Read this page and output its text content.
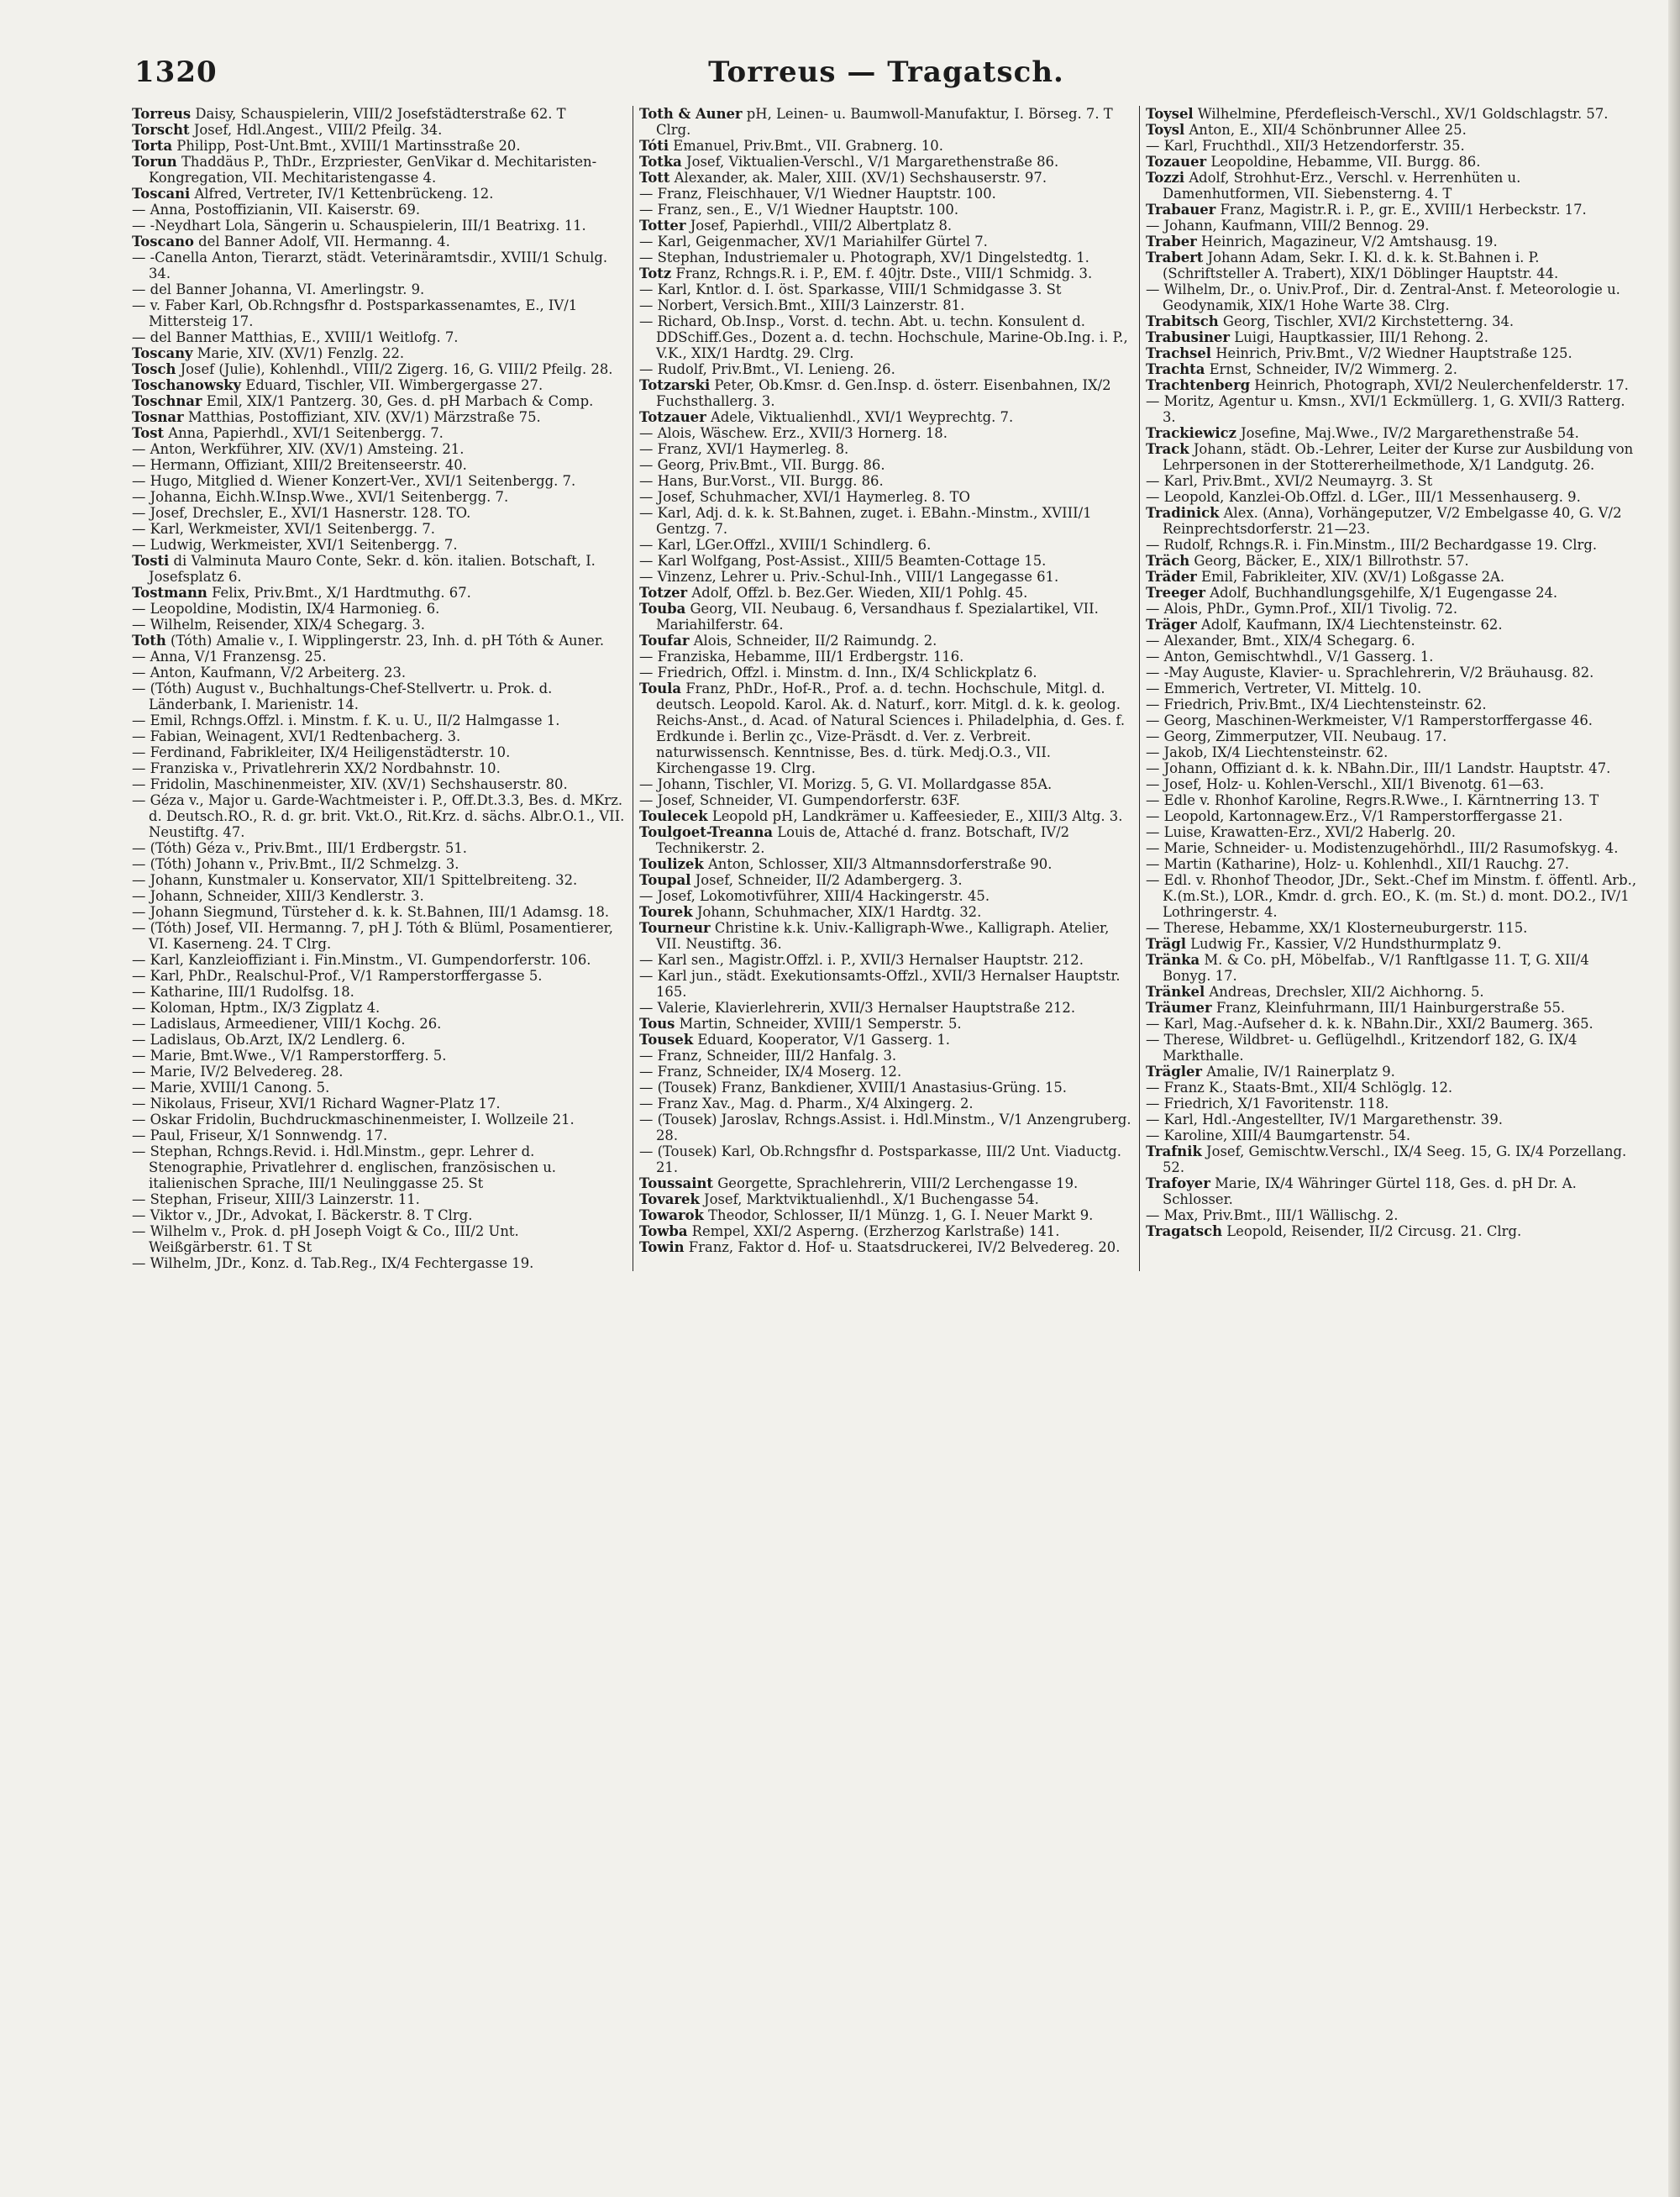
1320	Torreus — Tragatsch.

Torreus Daisy, Schauspielerin, VIII/2 Josefstädterstraße 62. T

Torscht Josef, Hdl.Angest., VIII/2 Pfeilg. 34.

Torta Philipp, Post-Unt.Bmt., XVIII/1 Martinsstraße 20.

Torun Thaddäus P., ThDr., Erzpriester, GenVikar d. Mechitaristen-Kongregation, VII. Mechitaristengasse 4.

Toscani Alfred, Vertreter, IV/1 Kettenbrückeng. 12.

— Anna, Postoffizianin, VII. Kaiserstr. 69.

— -Neydhart Lola, Sängerin u. Schauspielerin, III/1 Beatrixg. 11.

Toscano del Banner Adolf, VII. Hermanng. 4.

— -Canella Anton, Tierarzt, städt. Veterinäramtsdir., XVIII/1 Schulg. 34.

— del Banner Johanna, VI. Amerlingstr. 9.

— v. Faber Karl, Ob.Rchngsfhr d. Postsparkassenamtes, E., IV/1 Mittersteig 17.

— del Banner Matthias, E., XVIII/1 Weitlofg. 7.

Toscany Marie, XIV. (XV/1) Fenzlg. 22.

Tosch Josef (Julie), Kohlenhdl., VIII/2 Zigerg. 16, G. VIII/2 Pfeilg. 28.

Toschanowsky Eduard, Tischler, VII. Wimbergergasse 27.

Toschnar Emil, XIX/1 Pantzerg. 30, Ges. d. pH Marbach & Comp.

Tosnar Matthias, Postoffiziant, XIV. (XV/1) Märzstraße 75.

Tost Anna, Papierhdl., XVI/1 Seitenbergg. 7.

— Anton, Werkführer, XIV. (XV/1) Amsteing. 21.

— Hermann, Offiziant, XIII/2 Breitenseerstr. 40.

— Hugo, Mitglied d. Wiener Konzert-Ver., XVI/1 Seitenbergg. 7.

— Johanna, Eichh.W.Insp.Wwe., XVI/1 Seitenbergg. 7.

— Josef, Drechsler, E., XVI/1 Hasnerstr. 128. TO.

— Karl, Werkmeister, XVI/1 Seitenbergg. 7.

— Ludwig, Werkmeister, XVI/1 Seitenbergg. 7.

Tosti di Valminuta Mauro Conte, Sekr. d. kön. italien. Botschaft, I. Josefsplatz 6.

Tostmann Felix, Priv.Bmt., X/1 Hardtmuthg. 67.

— Leopoldine, Modistin, IX/4 Harmonieg. 6.

— Wilhelm, Reisender, XIX/4 Schegarg. 3.

Toth (Tóth) Amalie v., I. Wipplingerstr. 23, Inh. d. pH Tóth & Auner.

— Anna, V/1 Franzensg. 25.

— Anton, Kaufmann, V/2 Arbeiterg. 23.

— (Tóth) August v., Buchhaltungs-Chef-Stellvertr. u. Prok. d. Länderbank, I. Marienistr. 14.

— Emil, Rchngs.Offzl. i. Minstm. f. K. u. U., II/2 Halmgasse 1.

— Fabian, Weinagent, XVI/1 Redtenbacherg. 3.

— Ferdinand, Fabrikleiter, IX/4 Heiligenstädterstr. 10.

— Franziska v., Privatlehrerin XX/2 Nordbahnstr. 10.

— Fridolin, Maschinenmeister, XIV. (XV/1) Sechshauserstr. 80.

— Géza v., Major u. Garde-Wachtmeister i. P., Off.Dt.3.3, Bes. d. MKrz. d. Deutsch.RO., R. d. gr. brit. Vkt.O., Rit.Krz. d. sächs. Albr.O.1., VII. Neustiftg. 47.

— (Tóth) Géza v., Priv.Bmt., III/1 Erdbergstr. 51.

— (Tóth) Johann v., Priv.Bmt., II/2 Schmelzg. 3.

— Johann, Kunstmaler u. Konservator, XII/1 Spittelbreiteng. 32.

— Johann, Schneider, XIII/3 Kendlerstr. 3.

— Johann Siegmund, Türsteher d. k. k. St.Bahnen, III/1 Adamsg. 18.

— (Tóth) Josef, VII. Hermanng. 7, pH J. Tóth & Blüml, Posamentierer, VI. Kaserneng. 24. T Clrg.

— Karl, Kanzleioffiziant i. Fin.Minstm., VI. Gumpendorferstr. 106.

— Karl, PhDr., Realschul-Prof., V/1 Ramperstorffergasse 5.

— Katharine, III/1 Rudolfsg. 18.

— Koloman, Hptm., IX/3 Zigplatz 4.

— Ladislaus, Armeediener, VIII/1 Kochg. 26.

— Ladislaus, Ob.Arzt, IX/2 Lendlerg. 6.

— Marie, Bmt.Wwe., V/1 Ramperstorfferg. 5.

— Marie, IV/2 Belvedereg. 28.

— Marie, XVIII/1 Canong. 5.

— Nikolaus, Friseur, XVI/1 Richard Wagner-Platz 17.

— Oskar Fridolin, Buchdruckmaschinenmeister, I. Wollzeile 21.

— Paul, Friseur, X/1 Sonnwendg. 17.

— Stephan, Rchngs.Revid. i. Hdl.Minstm., gepr. Lehrer d. Stenographie, Privatlehrer d. englischen, französischen u. italienischen Sprache, III/1 Neulinggasse 25. St

— Stephan, Friseur, XIII/3 Lainzerstr. 11.

— Viktor v., JDr., Advokat, I. Bäckerstr. 8. T Clrg.

— Wilhelm v., Prok. d. pH Joseph Voigt & Co., III/2 Unt. Weißgärberstr. 61. T St

— Wilhelm, JDr., Konz. d. Tab.Reg., IX/4 Fechtergasse 19.

Toth & Auner pH, Leinen- u. Baumwoll-Manufaktur, I. Börseg. 7. T Clrg.

Tóti Emanuel, Priv.Bmt., VII. Grabnerg. 10.

Totka Josef, Viktualien-Verschl., V/1 Margarethenstraße 86.

Tott Alexander, ak. Maler, XIII. (XV/1) Sechshauserstr. 97.

— Franz, Fleischhauer, V/1 Wiedner Hauptstr. 100.

— Franz, sen., E., V/1 Wiedner Hauptstr. 100.

Totter Josef, Papierhdl., VIII/2 Albertplatz 8.

— Karl, Geigenmacher, XV/1 Mariahilfer Gürtel 7.

— Stephan, Industriemaler u. Photograph, XV/1 Dingelstedtg. 1.

Totz Franz, Rchngs.R. i. P., EM. f. 40jtr. Dste., VIII/1 Schmidg. 3.

— Karl, Kntlor. d. I. öst. Sparkasse, VIII/1 Schmidgasse 3. St

— Norbert, Versich.Bmt., XIII/3 Lainzerstr. 81.

— Richard, Ob.Insp., Vorst. d. techn. Abt. u. techn. Konsulent d. DDSchiff.Ges., Dozent a. d. techn. Hochschule, Marine-Ob.Ing. i. P., V.K., XIX/1 Hardtg. 29. Clrg.

— Rudolf, Priv.Bmt., VI. Lenieng. 26.

Totzarski Peter, Ob.Kmsr. d. Gen.Insp. d. österr. Eisenbahnen, IX/2 Fuchsthallerg. 3.

Totzauer Adele, Viktualienhdl., XVI/1 Weyprechtg. 7.

— Alois, Wäschew. Erz., XVII/3 Hornerg. 18.

— Franz, XVI/1 Haymerleg. 8.

— Georg, Priv.Bmt., VII. Burgg. 86.

— Hans, Bur.Vorst., VII. Burgg. 86.

— Josef, Schuhmacher, XVI/1 Haymerleg. 8. TO

— Karl, Adj. d. k. k. St.Bahnen, zuget. i. EBahn.-Minstm., XVIII/1 Gentzg. 7.

— Karl, LGer.Offzl., XVIII/1 Schindlerg. 6.

— Karl Wolfgang, Post-Assist., XIII/5 Beamten-Cottage 15.

— Vinzenz, Lehrer u. Priv.-Schul-Inh., VIII/1 Langegasse 61.

Totzer Adolf, Offzl. b. Bez.Ger. Wieden, XII/1 Pohlg. 45.

Touba Georg, VII. Neubaug. 6, Versandhaus f. Spezialartikel, VII. Mariahilferstr. 64.

Toufar Alois, Schneider, II/2 Raimundg. 2.

— Franziska, Hebamme, III/1 Erdbergstr. 116.

— Friedrich, Offzl. i. Minstm. d. Inn., IX/4 Schlickplatz 6.

Toula Franz, PhDr., Hof-R., Prof. a. d. techn. Hochschule, Mitgl. d. deutsch. Leopold. Karol. Ak. d. Naturf., korr. Mitgl. d. k. k. geolog. Reichs-Anst., d. Acad. of Natural Sciences i. Philadelphia, d. Ges. f. Erdkunde i. Berlin ɀc., Vize-Präsdt. d. Ver. z. Verbreit. naturwissensch. Kenntnisse, Bes. d. türk. Medj.O.3., VII. Kirchengasse 19. Clrg.

— Johann, Tischler, VI. Morizg. 5, G. VI. Mollardgasse 85A.

— Josef, Schneider, VI. Gumpendorferstr. 63F.

Toulecek Leopold pH, Landkrämer u. Kaffeesieder, E., XIII/3 Altg. 3.

Toulgoet-Treanna Louis de, Attaché d. franz. Botschaft, IV/2 Technikerstr. 2.

Toulizek Anton, Schlosser, XII/3 Altmannsdorferstraße 90.

Toupal Josef, Schneider, II/2 Adambergerg. 3.

— Josef, Lokomotivführer, XIII/4 Hackingerstr. 45.

Tourek Johann, Schuhmacher, XIX/1 Hardtg. 32.

Tourneur Christine k.k. Univ.-Kalligraph-Wwe., Kalligraph. Atelier, VII. Neustiftg. 36.

— Karl sen., Magistr.Offzl. i. P., XVII/3 Hernalser Hauptstr. 212.

— Karl jun., städt. Exekutionsamts-Offzl., XVII/3 Hernalser Hauptstr. 165.

— Valerie, Klavierlehrerin, XVII/3 Hernalser Hauptstraße 212.

Tous Martin, Schneider, XVIII/1 Semperstr. 5.

Tousek Eduard, Kooperator, V/1 Gasserg. 1.

— Franz, Schneider, III/2 Hanfalg. 3.

— Franz, Schneider, IX/4 Moserg. 12.

— (Tousek) Franz, Bankdiener, XVIII/1 Anastasius-Grüng. 15.

— Franz Xav., Mag. d. Pharm., X/4 Alxingerg. 2.

— (Tousek) Jaroslav, Rchngs.Assist. i. Hdl.Minstm., V/1 Anzengruberg. 28.

— (Tousek) Karl, Ob.Rchngsfhr d. Postsparkasse, III/2 Unt. Viaductg. 21.

Toussaint Georgette, Sprachlehrerin, VIII/2 Lerchengasse 19.

Tovarek Josef, Marktviktualienhdl., X/1 Buchengasse 54.

Towarok Theodor, Schlosser, II/1 Münzg. 1, G. I. Neuer Markt 9.

Towba Rempel, XXI/2 Asperng. (Erzherzog Karlstraße) 141.

Towin Franz, Faktor d. Hof- u. Staatsdruckerei, IV/2 Belvedereg. 20.

Toysel Wilhelmine, Pferdefleisch-Verschl., XV/1 Goldschlagstr. 57.

Toysl Anton, E., XII/4 Schönbrunner Allee 25.

— Karl, Fruchthdl., XII/3 Hetzendorferstr. 35.

Tozauer Leopoldine, Hebamme, VII. Burgg. 86.

Tozzi Adolf, Strohhut-Erz., Verschl. v. Herrenhüten u. Damenhutformen, VII. Siebensterng. 4. T

Trabauer Franz, Magistr.R. i. P., gr. E., XVIII/1 Herbeckstr. 17.

— Johann, Kaufmann, VIII/2 Bennog. 29.

Traber Heinrich, Magazineur, V/2 Amtshausg. 19.

Trabert Johann Adam, Sekr. I. Kl. d. k. k. St.Bahnen i. P. (Schriftsteller A. Trabert), XIX/1 Döblinger Hauptstr. 44.

— Wilhelm, Dr., o. Univ.Prof., Dir. d. Zentral-Anst. f. Meteorologie u. Geodynamik, XIX/1 Hohe Warte 38. Clrg.

Trabitsch Georg, Tischler, XVI/2 Kirchstetterng. 34.

Trabusiner Luigi, Hauptkassier, III/1 Rehong. 2.

Trachsel Heinrich, Priv.Bmt., V/2 Wiedner Hauptstraße 125.

Trachta Ernst, Schneider, IV/2 Wimmerg. 2.

Trachtenberg Heinrich, Photograph, XVI/2 Neulerchenfelderstr. 17.

— Moritz, Agentur u. Kmsn., XVI/1 Eckmüllerg. 1, G. XVII/3 Ratterg. 3.

Trackiewicz Josefine, Maj.Wwe., IV/2 Margarethenstraße 54.

Track Johann, städt. Ob.-Lehrer, Leiter der Kurse zur Ausbildung von Lehrpersonen in der Stottererheilmethode, X/1 Landgutg. 26.

— Karl, Priv.Bmt., XVI/2 Neumayrg. 3. St

— Leopold, Kanzlei-Ob.Offzl. d. LGer., III/1 Messenhauserg. 9.

Tradinick Alex. (Anna), Vorhängeputzer, V/2 Embelgasse 40, G. V/2 Reinprechtsdorferstr. 21—23.

— Rudolf, Rchngs.R. i. Fin.Minstm., III/2 Bechardgasse 19. Clrg.

Träch Georg, Bäcker, E., XIX/1 Billrothstr. 57.

Träder Emil, Fabrikleiter, XIV. (XV/1) Loßgasse 2A.

Treeger Adolf, Buchhandlungsgehilfe, X/1 Eugengasse 24.

— Alois, PhDr., Gymn.Prof., XII/1 Tivolig. 72.

Träger Adolf, Kaufmann, IX/4 Liechtensteinstr. 62.

— Alexander, Bmt., XIX/4 Schegarg. 6.

— Anton, Gemischtwhdl., V/1 Gasserg. 1.

— -May Auguste, Klavier- u. Sprachlehrerin, V/2 Bräuhausg. 82.

— Emmerich, Vertreter, VI. Mittelg. 10.

— Friedrich, Priv.Bmt., IX/4 Liechtensteinstr. 62.

— Georg, Maschinen-Werkmeister, V/1 Ramperstorffergasse 46.

— Georg, Zimmerputzer, VII. Neubaug. 17.

— Jakob, IX/4 Liechtensteinstr. 62.

— Johann, Offiziant d. k. k. NBahn.Dir., III/1 Landstr. Hauptstr. 47.

— Josef, Holz- u. Kohlen-Verschl., XII/1 Bivenotg. 61—63.

— Edle v. Rhonhof Karoline, Regrs.R.Wwe., I. Kärntnerring 13. T

— Leopold, Kartonnagew.Erz., V/1 Ramperstorffergasse 21.

— Luise, Krawatten-Erz., XVI/2 Haberlg. 20.

— Marie, Schneider- u. Modistenzugehörhdl., III/2 Rasumofskyg. 4.

— Martin (Katharine), Holz- u. Kohlenhdl., XII/1 Rauchg. 27.

— Edl. v. Rhonhof Theodor, JDr., Sekt.-Chef im Minstm. f. öffentl. Arb., K.(m.St.), LOR., Kmdr. d. grch. EO., K. (m. St.) d. mont. DO.2., IV/1 Lothringerstr. 4.

— Therese, Hebamme, XX/1 Klosterneuburgerstr. 115.

Trägl Ludwig Fr., Kassier, V/2 Hundsthurmplatz 9.

Tränka M. & Co. pH, Möbelfab., V/1 Ranftlgasse 11. T, G. XII/4 Bonyg. 17.

Tränkel Andreas, Drechsler, XII/2 Aichhorng. 5.

Träumer Franz, Kleinfuhrmann, III/1 Hainburgerstraße 55.

— Karl, Mag.-Aufseher d. k. k. NBahn.Dir., XXI/2 Baumerg. 365.

— Therese, Wildbret- u. Geflügelhdl., Kritzendorf 182, G. IX/4 Markthalle.

Trägler Amalie, IV/1 Rainerplatz 9.

— Franz K., Staats-Bmt., XII/4 Schlöglg. 12.

— Friedrich, X/1 Favoritenstr. 118.

— Karl, Hdl.-Angestellter, IV/1 Margarethenstr. 39.

— Karoline, XIII/4 Baumgartenstr. 54.

Trafnik Josef, Gemischtw.Verschl., IX/4 Seeg. 15, G. IX/4 Porzellang. 52.

Trafoyer Marie, IX/4 Währinger Gürtel 118, Ges. d. pH Dr. A. Schlosser.

— Max, Priv.Bmt., III/1 Wällischg. 2.

Tragatsch Leopold, Reisender, II/2 Circusg. 21. Clrg.
